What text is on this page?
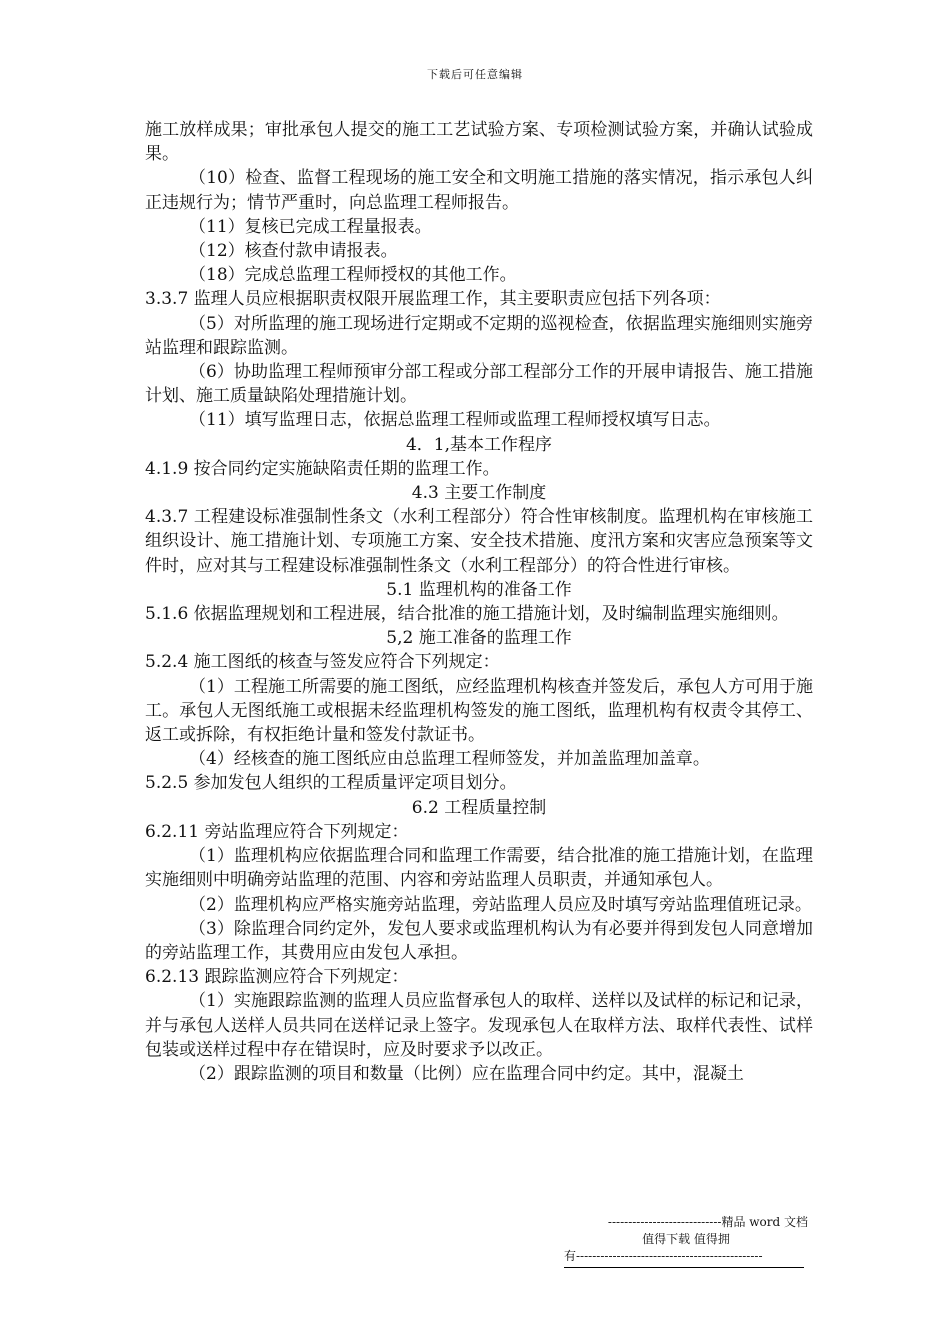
下载后可任意编辑

施工放样成果；审批承包人提交的施工工艺试验方案、专项检测试验方案，并确认试验成果。

（10）检查、监督工程现场的施工安全和文明施工措施的落实情况，指示承包人纠正违规行为；情节严重时，向总监理工程师报告。

（11）复核已完成工程量报表。

（12）核查付款申请报表。

（18）完成总监理工程师授权的其他工作。

3.3.7 监理人员应根据职责权限开展监理工作，其主要职责应包括下列各项：

（5）对所监理的施工现场进行定期或不定期的巡视检查，依据监理实施细则实施旁站监理和跟踪监测。

（6）协助监理工程师预审分部工程或分部工程部分工作的开展申请报告、施工措施计划、施工质量缺陷处理措施计划。

（11）填写监理日志，依据总监理工程师或监理工程师授权填写日志。

4．1,基本工作程序

4.1.9 按合同约定实施缺陷责任期的监理工作。

4.3 主要工作制度

4.3.7 工程建设标准强制性条文（水利工程部分）符合性审核制度。监理机构在审核施工组织设计、施工措施计划、专项施工方案、安全技术措施、度汛方案和灾害应急预案等文件时，应对其与工程建设标准强制性条文（水利工程部分）的符合性进行审核。

5.1 监理机构的准备工作

5.1.6 依据监理规划和工程进展，结合批准的施工措施计划，及时编制监理实施细则。

5,2 施工准备的监理工作

5.2.4 施工图纸的核查与签发应符合下列规定：

（1）工程施工所需要的施工图纸，应经监理机构核查并签发后，承包人方可用于施工。承包人无图纸施工或根据未经监理机构签发的施工图纸，监理机构有权责令其停工、返工或拆除，有权拒绝计量和签发付款证书。

（4）经核查的施工图纸应由总监理工程师签发，并加盖监理加盖章。

5.2.5 参加发包人组织的工程质量评定项目划分。

6.2 工程质量控制

6.2.11 旁站监理应符合下列规定：

（1）监理机构应依据监理合同和监理工作需要，结合批准的施工措施计划，在监理实施细则中明确旁站监理的范围、内容和旁站监理人员职责，并通知承包人。

（2）监理机构应严格实施旁站监理，旁站监理人员应及时填写旁站监理值班记录。

（3）除监理合同约定外，发包人要求或监理机构认为有必要并得到发包人同意增加的旁站监理工作，其费用应由发包人承担。

6.2.13 跟踪监测应符合下列规定：

（1）实施跟踪监测的监理人员应监督承包人的取样、送样以及试样的标记和记录，并与承包人送样人员共同在送样记录上签字。发现承包人在取样方法、取样代表性、试样包装或送样过程中存在错误时，应及时要求予以改正。

（2）跟踪监测的项目和数量（比例）应在监理合同中约定。其中，混凝土

----------------------------精品 word 文档
值得下载 值得拥
有----------------------------------------------
